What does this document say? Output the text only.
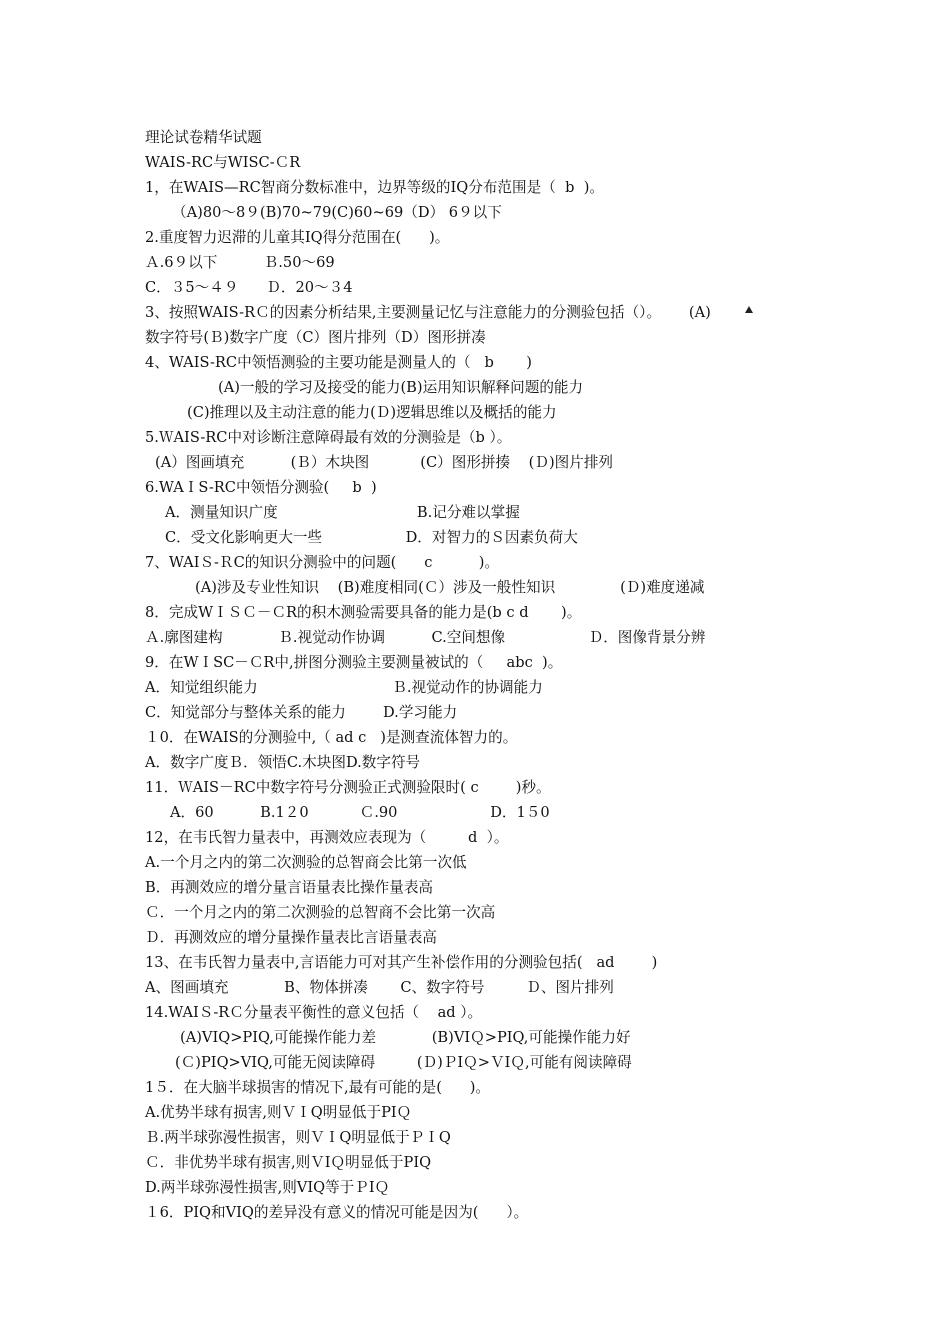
理论试卷精华试题
WAⅠS-RC与WISC-ＣR
1，在WAIS—RC智商分数标准中，边界等级的IQ分布范围是（  b  )。
（A)80～8９(B)70~79(C)60~69（D） 6９以下
2.重度智力迟滞的儿童其IQ得分范围在(      )。
Ａ.6９以下          Ｂ.50～69
C．３5～４９      Ｄ．20～３4
3、按照WAIS-RＣ的因素分析结果,主要测量记忆与注意能力的分测验包括（）。      (A)
数字符号(Ｂ)数字广度（C）图片排列（D）图形拼凑
4、WAIS-RC中领悟测验的主要功能是测量人的（   b       )
(A)一般的学习及接受的能力(B)运用知识解释问题的能力
(C)推理以及主动注意的能力(Ｄ)逻辑思维以及概括的能力
5.ＷAIS-RC中对诊断注意障碍最有效的分测验是（b ）。
(A）图画填充          (Ｂ）木块图           (C）图形拼揍    (Ｄ)图片排列
6.WAＩS-RC中领悟分测验(     b  )
A．测量知识广度                              B.记分难以掌握
C．受文化影响更大一些                  D．对智力的Ｓ因素负荷大
7、WAIＳ-ＲC的知识分测验中的问题(      c          )。
(A)涉及专业性知识    (B)难度相同(Ｃ）涉及一般性知识              (Ｄ)难度递减
8．完成WＩＳＣ－ＣR的积木测验需要具备的能力是(b c d       )。
Ａ.廓图建构            Ｂ.视觉动作协调          C.空间想像                  Ｄ．图像背景分辨
9．在WＩSC－ＣR中,拼图分测验主要测量被试的（     abc  )。
A．知觉组织能力                             Ｂ.视觉动作的协调能力
C．知觉部分与整体关系的能力        D.学习能力
１0．在WAIS的分测验中,（ ad c   )是测查流体智力的。
A．数字广度Ｂ．领悟C.木块图D.数字符号
11．ＷAIS－RC中数字符号分测验正式测验限时( c        )秒。
A．60          B.1２0           Ｃ.90                    D．1５0
12，在韦氏智力量表中，再测效应表现为（         d  ）。
A.一个月之内的第二次测验的总智商会比第一次低
B．再测效应的增分量言语量表比操作量表高
Ｃ．一个月之内的第二次测验的总智商不会比第一次高
Ｄ．再测效应的增分量操作量表比言语量表高
13、在韦氏智力量表中,言语能力可对其产生补偿作用的分测验包括(   ad        )
A、图画填充            B、物体拼凑       C、数字符号         Ｄ、图片排列
14.WAIＳ-RＣ分量表平衡性的意义包括（    ad ）。
(A)VIQ>PIQ,可能操作能力差            (B)VIＱ>PIQ,可能操作能力好
(Ｃ)PIQ>VIQ,可能无阅读障碍         (Ｄ)ＰIＱ>ＶIＱ,可能有阅读障碍
1５．在大脑半球损害的情况下,最有可能的是(      )。
A.优势半球有损害,则ＶＩQ明显低于PIＱ
Ｂ.两半球弥漫性损害，则ＶＩQ明显低于ＰＩQ
Ｃ．非优势半球有损害,则ＶIＱ明显低于PIQ
D.两半球弥漫性损害,则VIQ等于ＰIＱ
１6．PIQ和VIQ的差异没有意义的情况可能是因为(      ）。
